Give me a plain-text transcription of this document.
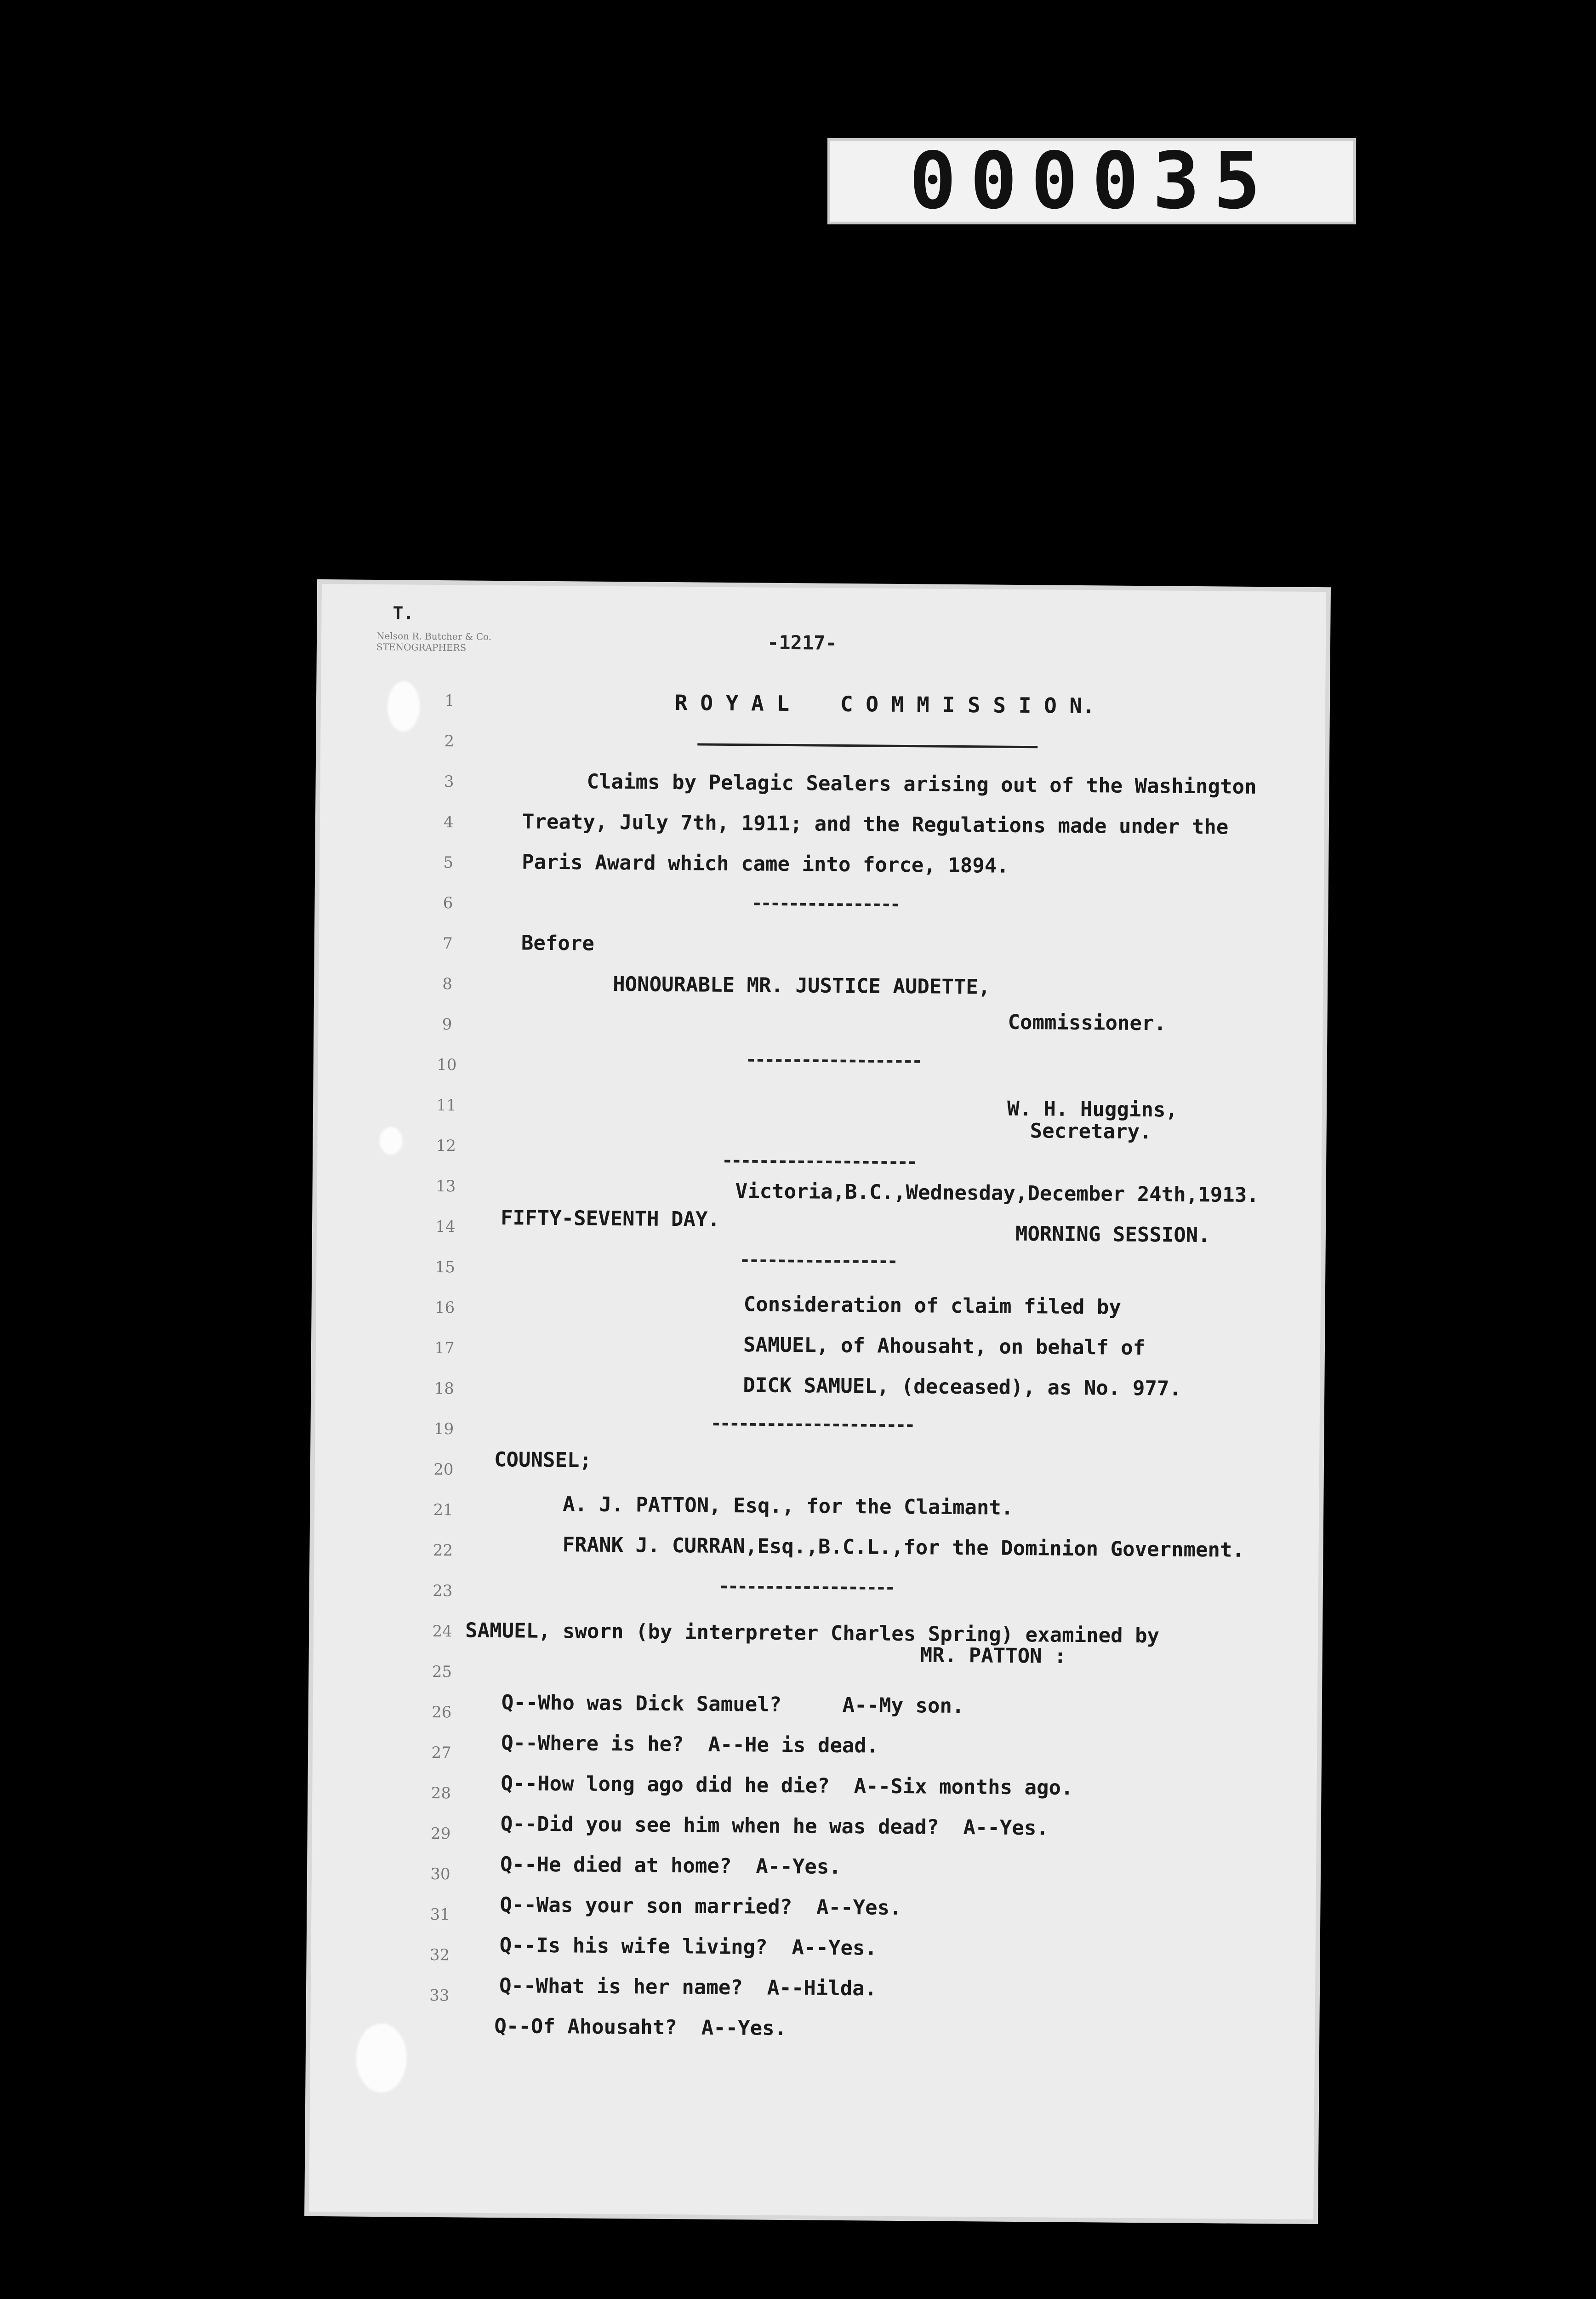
000035
T.
Nelson R. Butcher & Co.
STENOGRAPHERS	-1217-
1
2
3
4
5
6
7
8
9
10
11
12
13
14
15
16
17
18
19
20
21
22
23
24
25
26
27
28
29
30
31
32
33
R O Y A L    C O M M I S S I O N.
Claims by Pelagic Sealers arising out of the Washington
Treaty, July 7th, 1911; and the Regulations made under the
Paris Award which came into force, 1894.
----------------
Before
HONOURABLE MR. JUSTICE AUDETTE,
Commissioner.
-------------------
W. H. Huggins,
Secretary.
---------------------
Victoria,B.C.,Wednesday,December 24th,1913.
FIFTY-SEVENTH DAY.
MORNING SESSION.
-----------------
Consideration of claim filed by
SAMUEL, of Ahousaht, on behalf of
DICK SAMUEL, (deceased), as No. 977.
----------------------
COUNSEL;
A. J. PATTON, Esq., for the Claimant.
FRANK J. CURRAN,Esq.,B.C.L.,for the Dominion Government.
-------------------
SAMUEL, sworn (by interpreter Charles Spring) examined by
MR. PATTON :
Q--Who was Dick Samuel?     A--My son.
Q--Where is he?  A--He is dead.
Q--How long ago did he die?  A--Six months ago.
Q--Did you see him when he was dead?  A--Yes.
Q--He died at home?  A--Yes.
Q--Was your son married?  A--Yes.
Q--Is his wife living?  A--Yes.
Q--What is her name?  A--Hilda.
Q--Of Ahousaht?  A--Yes.
